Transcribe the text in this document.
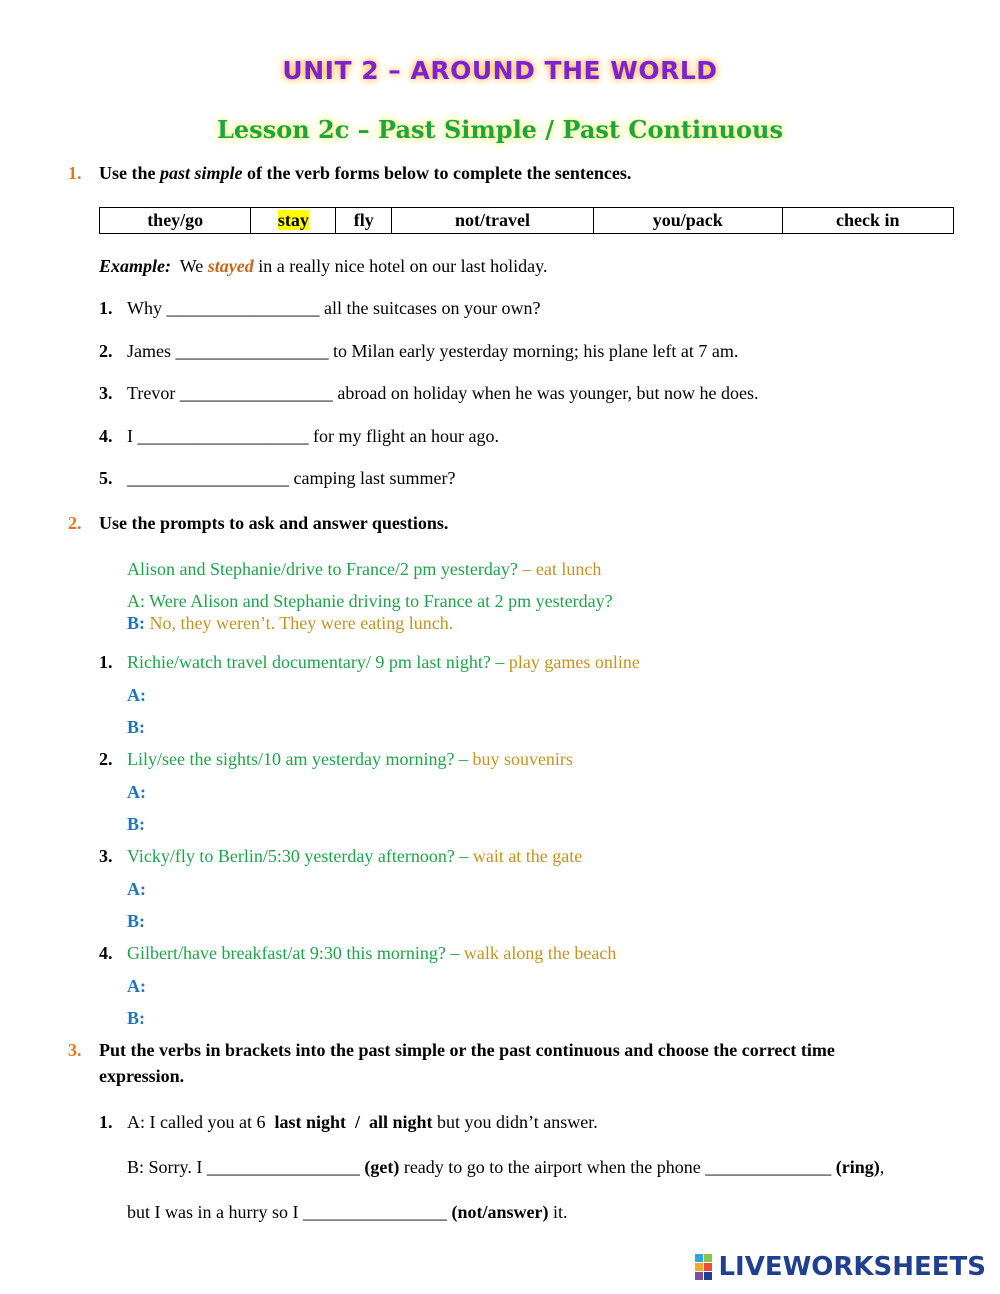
UNIT 2 – AROUND THE WORLD
Lesson 2c – Past Simple / Past Continuous
1. Use the past simple of the verb forms below to complete the sentences.
they/go	stay	fly	not/travel	you/pack	check in
Example: We stayed in a really nice hotel on our last holiday.
1. Why _________________ all the suitcases on your own?
2. James _________________ to Milan early yesterday morning; his plane left at 7 am.
3. Trevor _________________ abroad on holiday when he was younger, but now he does.
4. I ___________________ for my flight an hour ago.
5. __________________ camping last summer?
2. Use the prompts to ask and answer questions.
Alison and Stephanie/drive to France/2 pm yesterday? – eat lunch
A: Were Alison and Stephanie driving to France at 2 pm yesterday?
B: No, they weren’t. They were eating lunch.
1. Richie/watch travel documentary/ 9 pm last night? – play games online
A:
B:
2. Lily/see the sights/10 am yesterday morning? – buy souvenirs
A:
B:
3. Vicky/fly to Berlin/5:30 yesterday afternoon? – wait at the gate
A:
B:
4. Gilbert/have breakfast/at 9:30 this morning? – walk along the beach
A:
B:
3. Put the verbs in brackets into the past simple or the past continuous and choose the correct time
expression.
1. A: I called you at 6 last night / all night but you didn’t answer.
B: Sorry. I _________________ (get) ready to go to the airport when the phone ______________ (ring),
but I was in a hurry so I ________________ (not/answer) it.
LIVEWORKSHEETS
